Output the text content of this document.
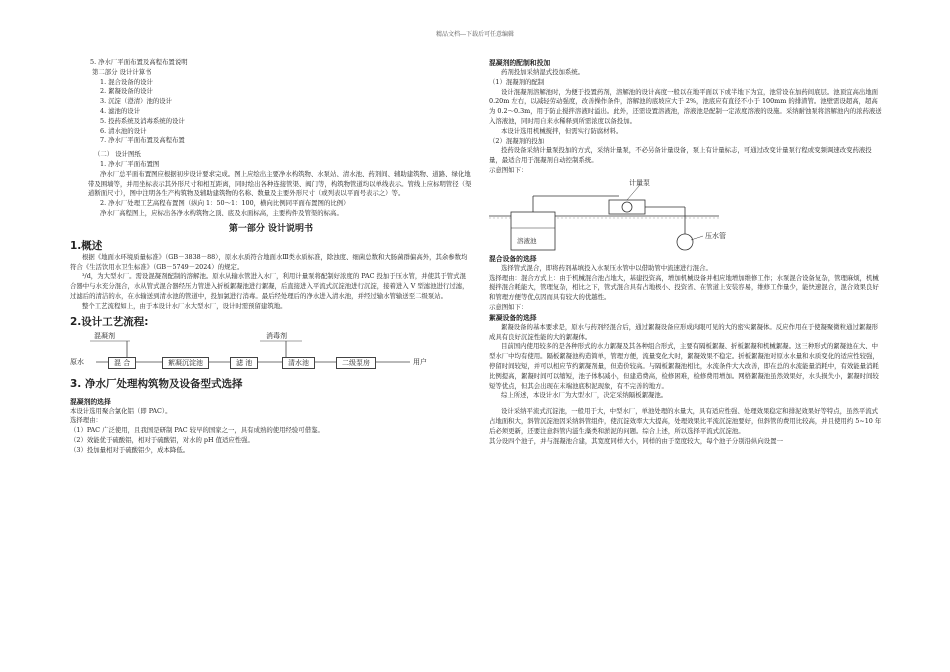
精品文档---下载后可任意编辑

5. 净水厂平面布置及高程布置说明

第二部分 设计计算书

1. 混合设备的设计

2. 絮凝设备的设计

3. 沉淀（澄清）池的设计

4. 滤池的设计

5. 投药系统及消毒系统的设计

6. 清水池的设计

7. 净水厂平面布置及高程布置

（二） 设计图纸

1. 净水厂平面布置图

净水厂总平面布置图应根据初步设计要求完成。图上应绘出主要净水构筑物、水泵站、清水池、药剂间、辅助建筑物、道路、绿化地带及围墙等，并用坐标表示其外形尺寸和相互距离，同时绘出各种连接管渠、阀门等，构筑物管道均以单线表示。管线上应标明管径（渠道断面尺寸），图中注明各生产构筑物及辅助建筑物的名称、数量及主要外形尺寸（或列表以平面号表示之）等。

2. 净水厂处理工艺高程布置图（纵向 1：50～1：100，横向比例同平面布置图的比例）

净水厂高程图上，应标出各净水构筑物之顶、底及水面标高，主要构件及管渠的标高。

第一部分 设计说明书
1.概述

根据《地面水环境质量标准》（GB－3838－88），原水水质符合地面水Ⅲ类水质标准，除浊度、细菌总数和大肠菌群偏高外，其余参数均符合《生活饮用水卫生标准》（GB－5749－2024）的规定。

³/d，为大型水厂。需设混凝剂配制的溶解池。原水从输水管进入水厂，利用计量泵将配制好浓度的 PAC 投加于压水管，并使其于管式混合器中与水充分混合，水从管式混合器经压力管进入折板絮凝池进行絮凝，后直接进入平流式沉淀池进行沉淀，接着进入 V 型滤池进行过滤，过滤后的清洁的水，在水输送到清水池的管道中，投加氯进行消毒。最后经处理后的净水进入清水池，并经过输水管输送至二级泵站。

整个工艺流程如上，由于本设计水厂水大型水厂，设计时需预留建筑地。

2.设计工艺流程:
混凝剂	消毒剂
原水	混 合	絮凝沉淀池	滤 池	清水池	二级泵房	用户
3. 净水厂处理构筑物及设备型式选择
混凝剂的选择

本设计选用聚合氯化铝（即 PAC）。

选择理由：

（1）PAC 广泛使用，且我国是研制 PAC 较早的国家之一，具有成熟的使用经验可借鉴。

（2）效能优于硫酸铝，相对于硫酸铝，对水的 pH 值适应性强。

（3）投加量相对于硫酸铝少，成本降低。

混凝剂的配制和投加

药剂投加采纳湿式投加系统。

（1）混凝剂的配制

设计混凝剂溶解池时，为便于投置药剂，溶解池的设计高度一般以在地平面以下或半地下为宜，池常设在加药间底层。池顶宜高出地面 0.20m 左右，以减轻劳动强度，改善操作条件，溶解池的底坡应大于 2%，池底应有直径不小于 100mm 的排渣管。池壁需设超高，超高为 0.2～0.3m，用于防止搅拌溶液时溢出。此外，还需设置溶液池，溶液池是配制一定浓度溶液的设施。采纳耐蚀泵将溶解池内的浓药液送入溶液池，同时用自来水稀释到所需浓度以备投加。

本设计选用机械搅拌，但需实行防腐材料。

（2）混凝剂的投加

投药设备采纳计量泵投加的方式，采纳计量泵，不必另备计量设备，泵上有计量标志，可通过改变计量泵行程或变频调速改变药液投量，最适合用于混凝剂自动控制系统。

示意图如下：

计量泵
溶液池
压水管
混合设备的选择

选择管式混合，即将药剂基填投入水泵压水管中以借助管中流速进行混合。

选择理由：混合方式上：由于机械混合池占地大，基建投资高，增加机械设备并相应地增加维修工作；水泵混合设备复杂，管理麻烦，机械搅拌混合耗能大，管理复杂，相比之下，管式混合具有占地极小、投资省、在管道上安装容易，维修工作量少，能快速混合，混合效果良好和管理方便等优点因而具有较大的优越性。

示意图如下：

絮凝设备的选择

絮凝设备的基本要求是，原水与药剂经混合后，通过絮凝设备应形成肉眼可见的大的密实絮凝体。反应作用在于使凝聚微粒通过絮凝形成具有良好沉淀性能的大的絮凝体。

目前国内使用较多的是各种形式的水力絮凝及其各种组合形式，主要有隔板絮凝、折板絮凝和机械絮凝。这三种形式的絮凝池在大、中型水厂中均有使用。隔板絮凝池构造简单，管理方便，流量变化大时，絮凝效果不稳定。折板絮凝池对原水水量和水质变化的适应性较强，停留时间较短，并可以相应节约絮凝剂量，但造价较高。与隔板絮凝池相比，水流条件大大改善，即在总的水流能量消耗中，有效能量消耗比例提高，絮凝时间可以缩短，池子体积减小，但建造费高，检修困难，检修费用增加。网格絮凝池虽然效果好，水头损失小，絮凝时间较短等优点，但其会出现在末端池底积泥现象，有不完善的地方。

综上所述，本设计水厂为大型水厂，决定采纳隔板絮凝池。

设计采纳平流式沉淀池，一般用于大，中型水厂，单池处理的水量大，具有适应性强、处理效果稳定和排泥效果好等特点，虽然平流式占地面积大，斜管沉淀池因采纳斜管组件，使沉淀效率大大提高，处理效果比平流沉淀池要好，但斜管的费用比较高，并且使用约 5~10 年后必须更新，还要注意斜管内滋生藻类和淤泥的问题。综合上述，所以选择平流式沉淀池。

其分设四个池子，并与混凝池合建，其宽度同样大小，同样的由于宽度较大，每个池子分别沿纵向设置一
